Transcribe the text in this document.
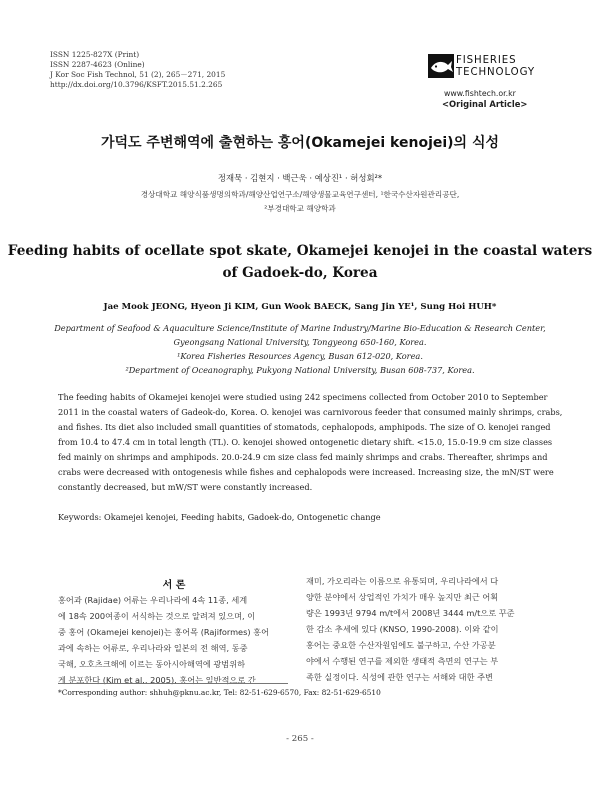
ISSN 1225-827X (Print)
ISSN 2287-4623 (Online)
J Kor Soc Fish Technol, 51 (2), 265－271, 2015
http://dx.doi.org/10.3796/KSFT.2015.51.2.265
FISHERIES
TECHNOLOGY
www.fishtech.or.kr
<Original Article>
가덕도 주변해역에 출현하는 홍어(Okamejei kenojei)의 식성
정재묵 · 김현지 · 백근욱 · 예상진¹ · 허성회²*
경상대학교 해양식품생명의학과/해양산업연구소/해양생물교육연구센터, ¹한국수산자원관리공단,
²부경대학교 해양학과
Feeding habits of ocellate spot skate, Okamejei kenojei in the coastal waters
of Gadoek-do, Korea
Jae Mook JEONG, Hyeon Ji KIM, Gun Wook BAECK, Sang Jin YE¹, Sung Hoi HUH*
Department of Seafood & Aquaculture Science/Institute of Marine Industry/Marine Bio-Education & Research Center,
Gyeongsang National University, Tongyeong 650-160, Korea.
¹Korea Fisheries Resources Agency, Busan 612-020, Korea.
²Department of Oceanography, Pukyong National University, Busan 608-737, Korea.
The feeding habits of Okamejei kenojei were studied using 242 specimens collected from October 2010 to September
2011 in the coastal waters of Gadeok-do, Korea. O. kenojei was carnivorous feeder that consumed mainly shrimps, crabs,
and fishes. Its diet also included small quantities of stomatods, cephalopods, amphipods. The size of O. kenojei ranged
from 10.4 to 47.4 cm in total length (TL). O. kenojei showed ontogenetic dietary shift. <15.0, 15.0-19.9 cm size classes
fed mainly on shrimps and amphipods. 20.0-24.9 cm size class fed mainly shrimps and crabs. Thereafter, shrimps and
crabs were decreased with ontogenesis while fishes and cephalopods were increased. Increasing size, the mN/ST were
constantly decreased, but mW/ST were constantly increased.
Keywords: Okamejei kenojei, Feeding habits, Gadoek-do, Ontogenetic change
서 론
홍어과 (Rajidae) 어류는 우리나라에 4속 11종, 세계
에 18속 200여종이 서식하는 것으로 알려져 있으며, 이
중 홍어 (Okamejei kenojei)는 홍어목 (Rajiformes) 홍어
과에 속하는 어류로, 우리나라와 일본의 전 해역, 동중
국해, 오호츠크해에 이르는 동아시아해역에 광범위하
게 분포한다 (Kim et al., 2005). 홍어는 일반적으로 간
재미, 가오리라는 이름으로 유통되며, 우리나라에서 다
양한 분야에서 상업적인 가치가 매우 높지만 최근 어획
량은 1993년 9794 m/t에서 2008년 3444 m/t으로 꾸준
한 감소 추세에 있다 (KNSO, 1990-2008). 이와 같이
홍어는 중요한 수산자원임에도 불구하고, 수산 가공분
야에서 수행된 연구를 제외한 생태적 측면의 연구는 부
족한 실정이다. 식성에 관한 연구는 서해와 대한 주변
*Corresponding author: shhuh@pknu.ac.kr, Tel: 82-51-629-6570, Fax: 82-51-629-6510
- 265 -
